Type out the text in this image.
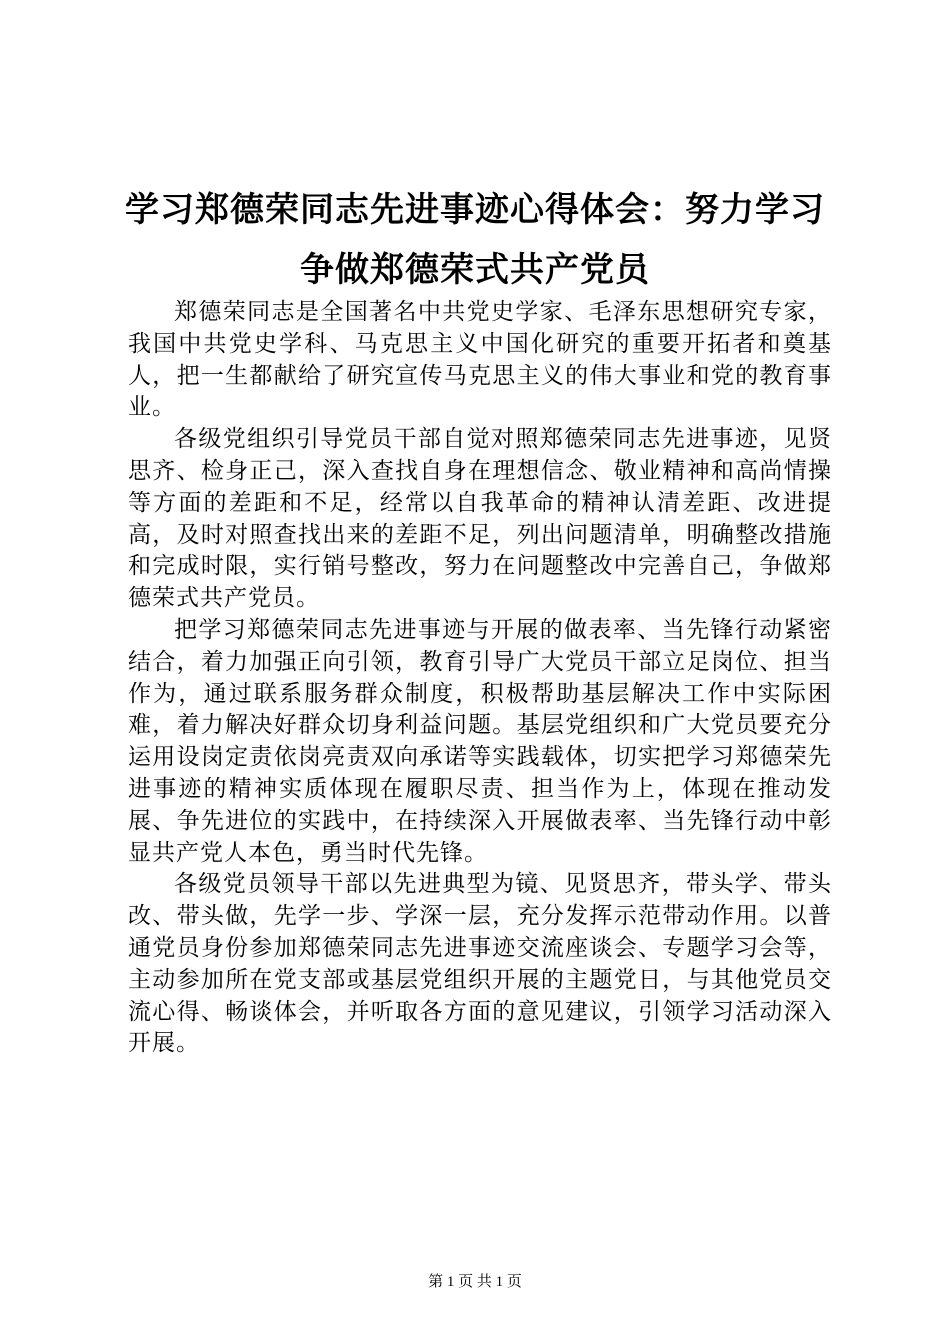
学习郑德荣同志先进事迹心得体会：努力学习
争做郑德荣式共产党员

郑德荣同志是全国著名中共党史学家、毛泽东思想研究专家，我国中共党史学科、马克思主义中国化研究的重要开拓者和奠基人，把一生都献给了研究宣传马克思主义的伟大事业和党的教育事业。

各级党组织引导党员干部自觉对照郑德荣同志先进事迹，见贤思齐、检身正己，深入查找自身在理想信念、敬业精神和高尚情操等方面的差距和不足，经常以自我革命的精神认清差距、改进提高，及时对照查找出来的差距不足，列出问题清单，明确整改措施和完成时限，实行销号整改，努力在问题整改中完善自己，争做郑德荣式共产党员。

把学习郑德荣同志先进事迹与开展的做表率、当先锋行动紧密结合，着力加强正向引领，教育引导广大党员干部立足岗位、担当作为，通过联系服务群众制度，积极帮助基层解决工作中实际困难，着力解决好群众切身利益问题。基层党组织和广大党员要充分运用设岗定责依岗亮责双向承诺等实践载体，切实把学习郑德荣先进事迹的精神实质体现在履职尽责、担当作为上，体现在推动发展、争先进位的实践中，在持续深入开展做表率、当先锋行动中彰显共产党人本色，勇当时代先锋。

各级党员领导干部以先进典型为镜、见贤思齐，带头学、带头改、带头做，先学一步、学深一层，充分发挥示范带动作用。以普通党员身份参加郑德荣同志先进事迹交流座谈会、专题学习会等，主动参加所在党支部或基层党组织开展的主题党日，与其他党员交流心得、畅谈体会，并听取各方面的意见建议，引领学习活动深入开展。

第 1 页 共 1 页
